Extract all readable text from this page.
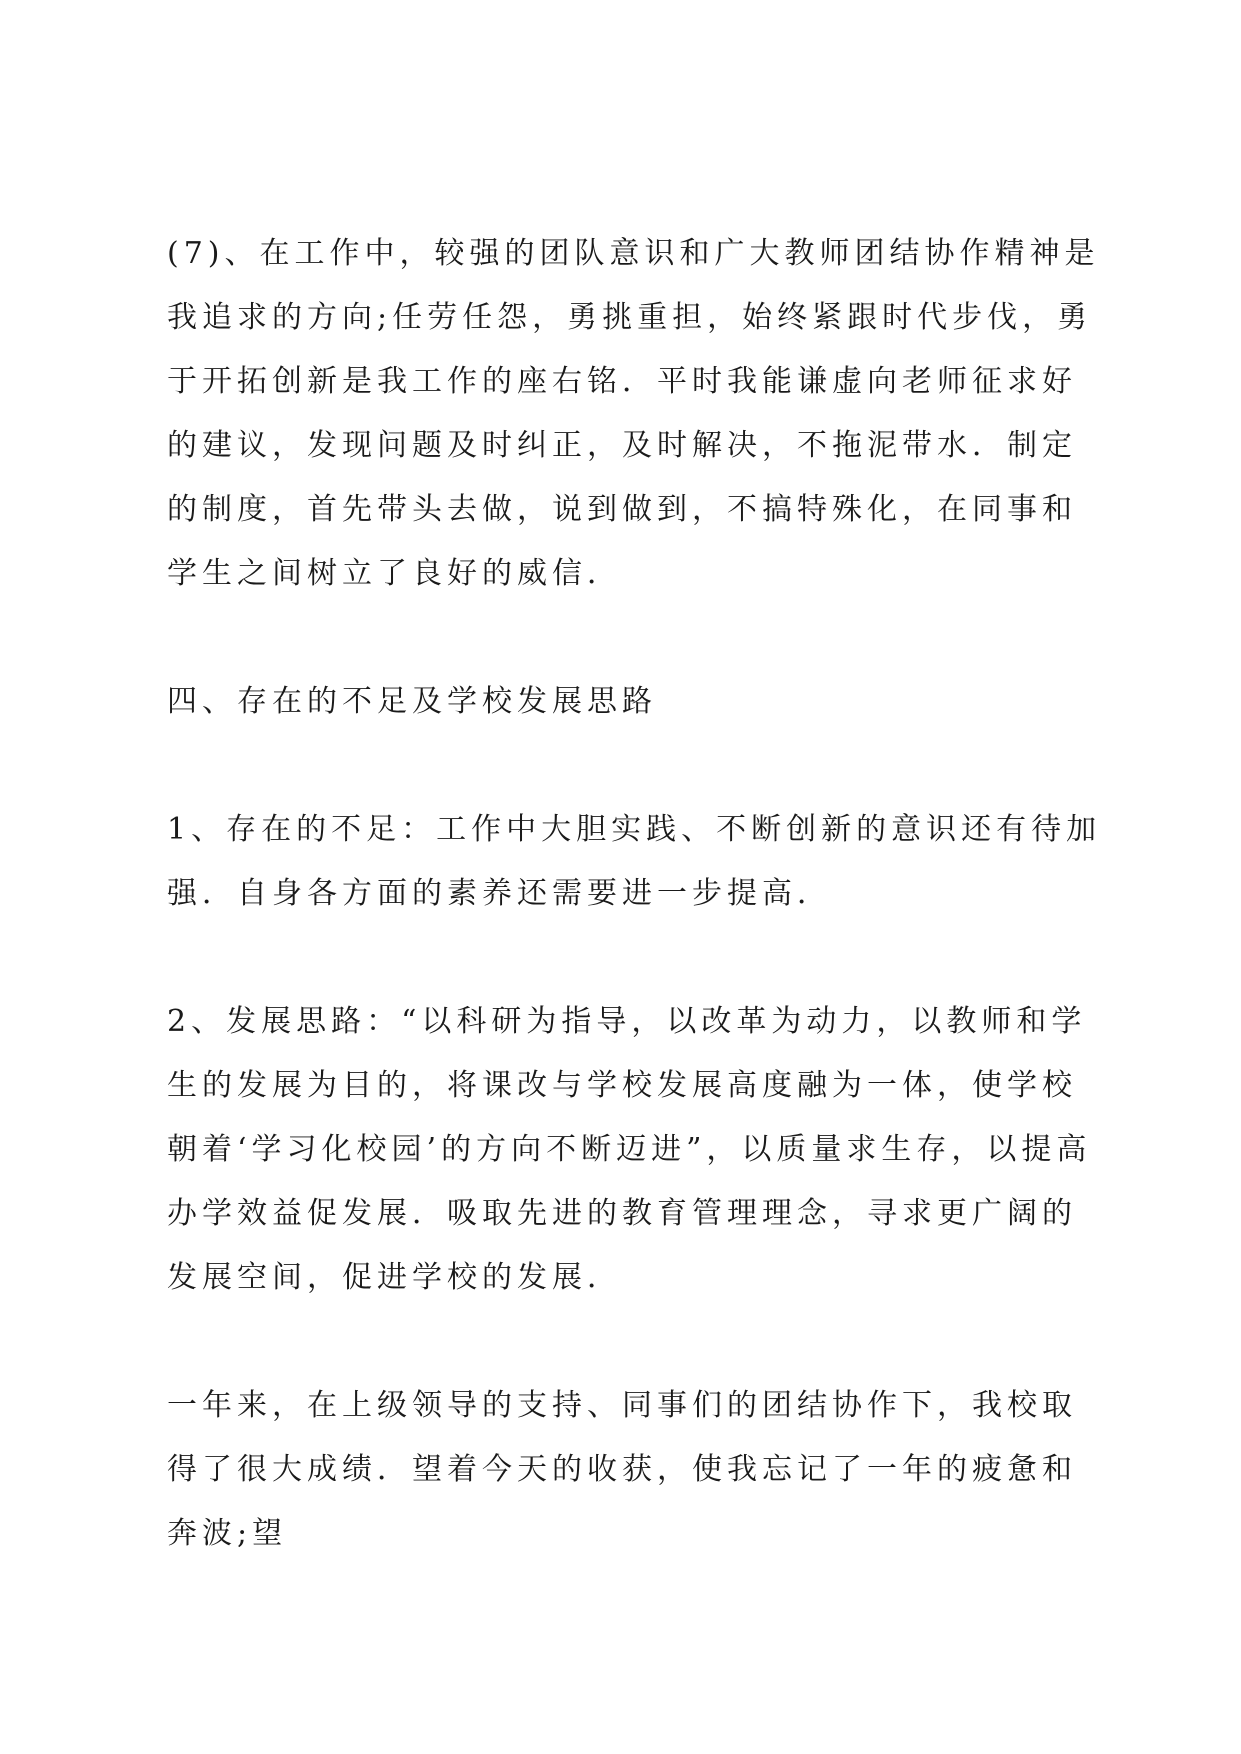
(7)、在工作中，较强的团队意识和广大教师团结协作精神是我追求的方向;任劳任怨，勇挑重担，始终紧跟时代步伐，勇于开拓创新是我工作的座右铭．平时我能谦虚向老师征求好的建议，发现问题及时纠正，及时解决，不拖泥带水．制定的制度，首先带头去做，说到做到，不搞特殊化，在同事和学生之间树立了良好的威信．

四、存在的不足及学校发展思路

1、存在的不足：工作中大胆实践、不断创新的意识还有待加强．自身各方面的素养还需要进一步提高．

2、发展思路：“以科研为指导，以改革为动力，以教师和学生的发展为目的，将课改与学校发展高度融为一体，使学校朝着‘学习化校园’的方向不断迈进”，以质量求生存，以提高办学效益促发展．吸取先进的教育管理理念，寻求更广阔的发展空间，促进学校的发展．

一年来，在上级领导的支持、同事们的团结协作下，我校取得了很大成绩．望着今天的收获，使我忘记了一年的疲惫和奔波;望
